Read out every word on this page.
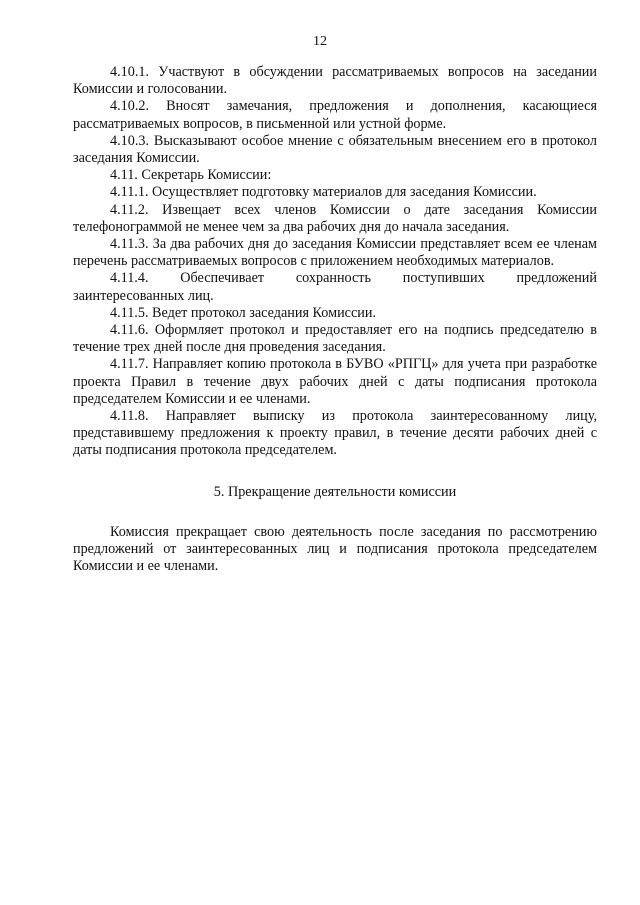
12

4.10.1. Участвуют в обсуждении рассматриваемых вопросов на заседании Комиссии и голосовании.

4.10.2. Вносят замечания, предложения и дополнения, касающиеся рассматриваемых вопросов, в письменной или устной форме.

4.10.3. Высказывают особое мнение с обязательным внесением его в протокол заседания Комиссии.

4.11. Секретарь Комиссии:

4.11.1. Осуществляет подготовку материалов для заседания Комиссии.

4.11.2. Извещает всех членов Комиссии о дате заседания Комиссии телефонограммой не менее чем за два рабочих дня до начала заседания.

4.11.3. За два рабочих дня до заседания Комиссии представляет всем ее членам перечень рассматриваемых вопросов с приложением необходимых материалов.

4.11.4. Обеспечивает сохранность поступивших предложений заинтересованных лиц.

4.11.5. Ведет протокол заседания Комиссии.

4.11.6. Оформляет протокол и предоставляет его на подпись председателю в течение трех дней после дня проведения заседания.

4.11.7. Направляет копию протокола в БУВО «РПГЦ» для учета при разработке проекта Правил в течение двух рабочих дней с даты подписания протокола председателем Комиссии и ее членами.

4.11.8. Направляет выписку из протокола заинтересованному лицу, представившему предложения к проекту правил, в течение десяти рабочих дней с даты подписания протокола председателем.

5. Прекращение деятельности комиссии

Комиссия прекращает свою деятельность после заседания по рассмотрению предложений от заинтересованных лиц и подписания протокола председателем Комиссии и ее членами.
